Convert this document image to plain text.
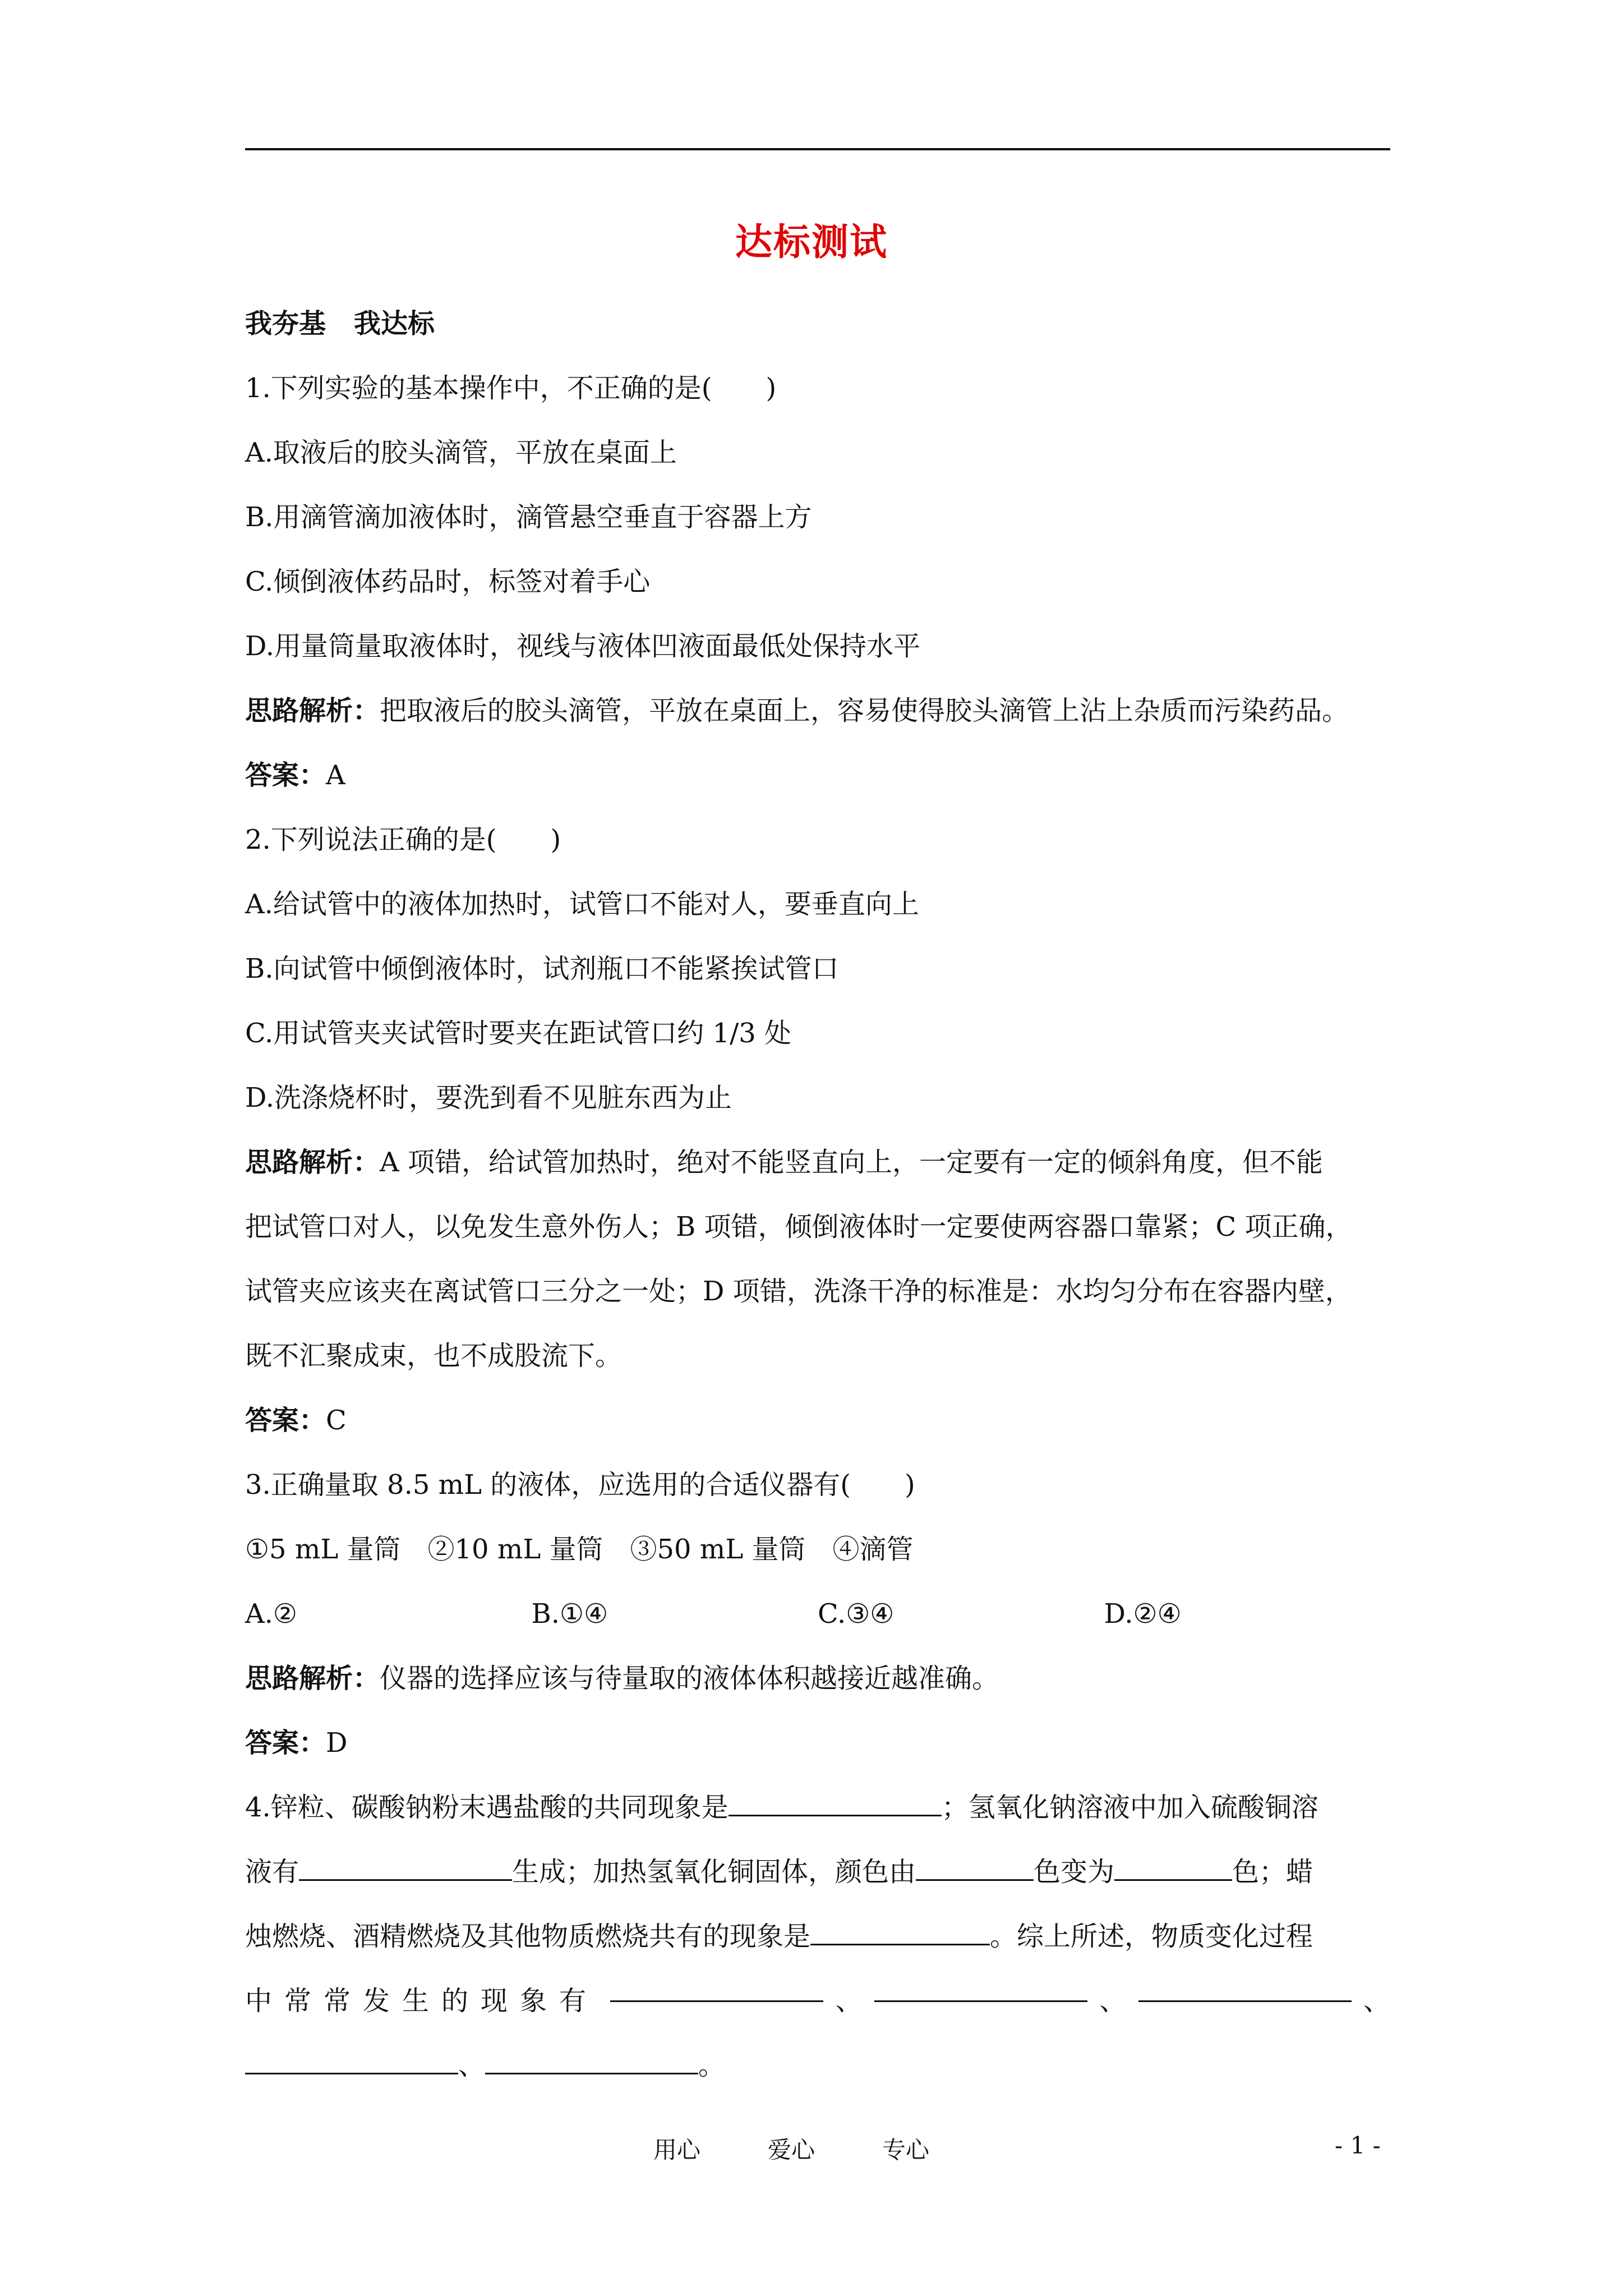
达标测试
我夯基 我达标
1.下列实验的基本操作中，不正确的是(　　)
A.取液后的胶头滴管，平放在桌面上
B.用滴管滴加液体时，滴管悬空垂直于容器上方
C.倾倒液体药品时，标签对着手心
D.用量筒量取液体时，视线与液体凹液面最低处保持水平
思路解析：把取液后的胶头滴管，平放在桌面上，容易使得胶头滴管上沾上杂质而污染药品。
答案：A
2.下列说法正确的是(　　)
A.给试管中的液体加热时，试管口不能对人，要垂直向上
B.向试管中倾倒液体时，试剂瓶口不能紧挨试管口
C.用试管夹夹试管时要夹在距试管口约 1/3 处
D.洗涤烧杯时，要洗到看不见脏东西为止
思路解析：A 项错，给试管加热时，绝对不能竖直向上，一定要有一定的倾斜角度，但不能
把试管口对人，以免发生意外伤人；B 项错，倾倒液体时一定要使两容器口靠紧；C 项正确，
试管夹应该夹在离试管口三分之一处；D 项错，洗涤干净的标准是：水均匀分布在容器内壁，
既不汇聚成束，也不成股流下。
答案：C
3.正确量取 8.5 mL 的液体，应选用的合适仪器有(　　)
①5 mL 量筒　②10 mL 量筒　③50 mL 量筒　④滴管
A.②	B.①④	C.③④	D.②④
思路解析：仪器的选择应该与待量取的液体体积越接近越准确。
答案：D
4.锌粒、碳酸钠粉末遇盐酸的共同现象是	；氢氧化钠溶液中加入硫酸铜溶
液有	生成；加热氢氧化铜固体，颜色由	色变为	色；蜡
烛燃烧、酒精燃烧及其他物质燃烧共有的现象是	。综上所述，物质变化过程
中常常发生的现象有	、	、	、
、	。
用心	爱心	专心	- 1 -
